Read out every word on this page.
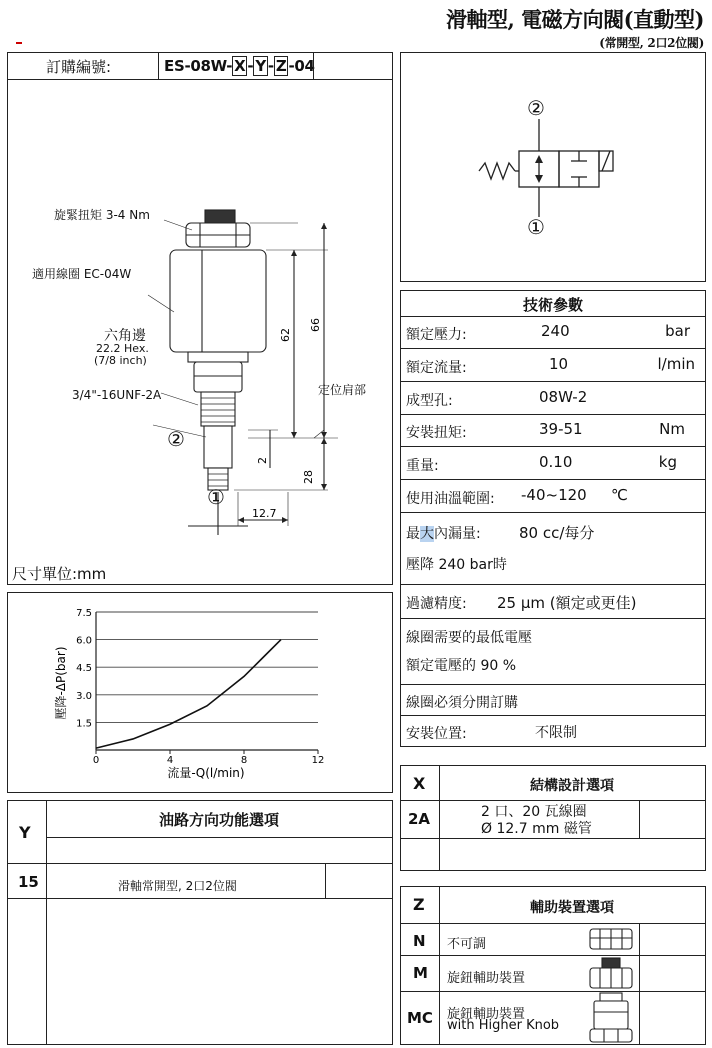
滑軸型, 電磁方向閥(直動型)
(常開型, 2口2位閥)
訂購編號:	ES-08W- X - Y - Z -04
62
66
2
28
12.7
旋緊扭矩 3-4 Nm
適用線圈 EC-04W
六角邊
22.2 Hex.
(7/8 inch)
3/4"-16UNF-2A	定位肩部
②
①
尺寸單位:mm
②
①
技術參數
額定壓力:	240	bar
額定流量:	10	l/min
成型孔:	08W-2
安裝扭矩:	39-51	Nm
重量:	0.10	kg
使用油溫範圍: -40~120 ℃
最大內漏量:	80 cc/每分
壓降 240 bar時
過濾精度: 25 μm (額定或更佳)
線圈需要的最低電壓
額定電壓的 90 %
線圈必須分開訂購
安裝位置:	不限制
1.5
3.0
4.5
6.0
7.5
0	4	8	12
流量-Q(l/min)
壓降-ΔP(bar)
Y
油路方向功能選項
15	滑軸常開型, 2口2位閥
X	結構設計選項
2A	2 口、20 瓦線圈
Ø 12.7 mm 磁管
Z	輔助裝置選項
N 不可調
M 旋鈕輔助裝置
MC 旋鈕輔助裝置
with Higher Knob
